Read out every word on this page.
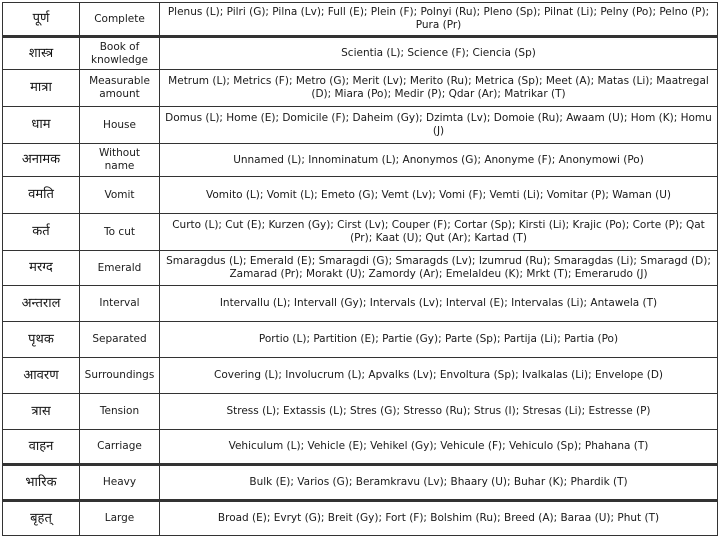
पूर्ण	Complete	Plenus (L); Pilri (G); Pilna (Lv); Full (E); Plein (F); Polnyi (Ru); Pleno (Sp); Pilnat (Li); Pelny (Po); Pelno (P); Pura (Pr)
शास्त्र	Book of knowledge	Scientia (L); Science (F); Ciencia (Sp)
मात्रा	Measurable amount	Metrum (L); Metrics (F); Metro (G); Merit (Lv); Merito (Ru); Metrica (Sp); Meet (A); Matas (Li); Maatregal (D); Miara (Po); Medir (P); Qdar (Ar); Matrikar (T)
धाम	House	Domus (L); Home (E); Domicile (F); Daheim (Gy); Dzimta (Lv); Domoie (Ru); Awaam (U); Hom (K); Homu (J)
अनामक	Without name	Unnamed (L); Innominatum (L); Anonymos (G); Anonyme (F); Anonymowi (Po)
वमति	Vomit	Vomito (L); Vomit (L); Emeto (G); Vemt (Lv); Vomi (F); Vemti (Li); Vomitar (P); Waman (U)
कर्त	To cut	Curto (L); Cut (E); Kurzen (Gy); Cirst (Lv); Couper (F); Cortar (Sp); Kirsti (Li); Krajic (Po); Corte (P); Qat (Pr); Kaat (U); Qut (Ar); Kartad (T)
मरग्द	Emerald	Smaragdus (L); Emerald (E); Smaragdi (G); Smaragds (Lv); Izumrud (Ru); Smaragdas (Li); Smaragd (D); Zamarad (Pr); Morakt (U); Zamordy (Ar); Emelaldeu (K); Mrkt (T); Emerarudo (J)
अन्तराल	Interval	Intervallu (L); Intervall (Gy); Intervals (Lv); Interval (E); Intervalas (Li); Antawela (T)
पृथक	Separated	Portio (L); Partition (E); Partie (Gy); Parte (Sp); Partija (Li); Partia (Po)
आवरण	Surroundings	Covering (L); Involucrum (L); Apvalks (Lv); Envoltura (Sp); Ivalkalas (Li); Envelope (D)
त्रास	Tension	Stress (L); Extassis (L); Stres (G); Stresso (Ru); Strus (I); Stresas (Li); Estresse (P)
वाहन	Carriage	Vehiculum (L); Vehicle (E); Vehikel (Gy); Vehicule (F); Vehiculo (Sp); Phahana (T)
भारिक	Heavy	Bulk (E); Varios (G); Beramkravu (Lv); Bhaary (U); Buhar (K); Phardik (T)
बृहत्	Large	Broad (E); Evryt (G); Breit (Gy); Fort (F); Bolshim (Ru); Breed (A); Baraa (U); Phut (T)
